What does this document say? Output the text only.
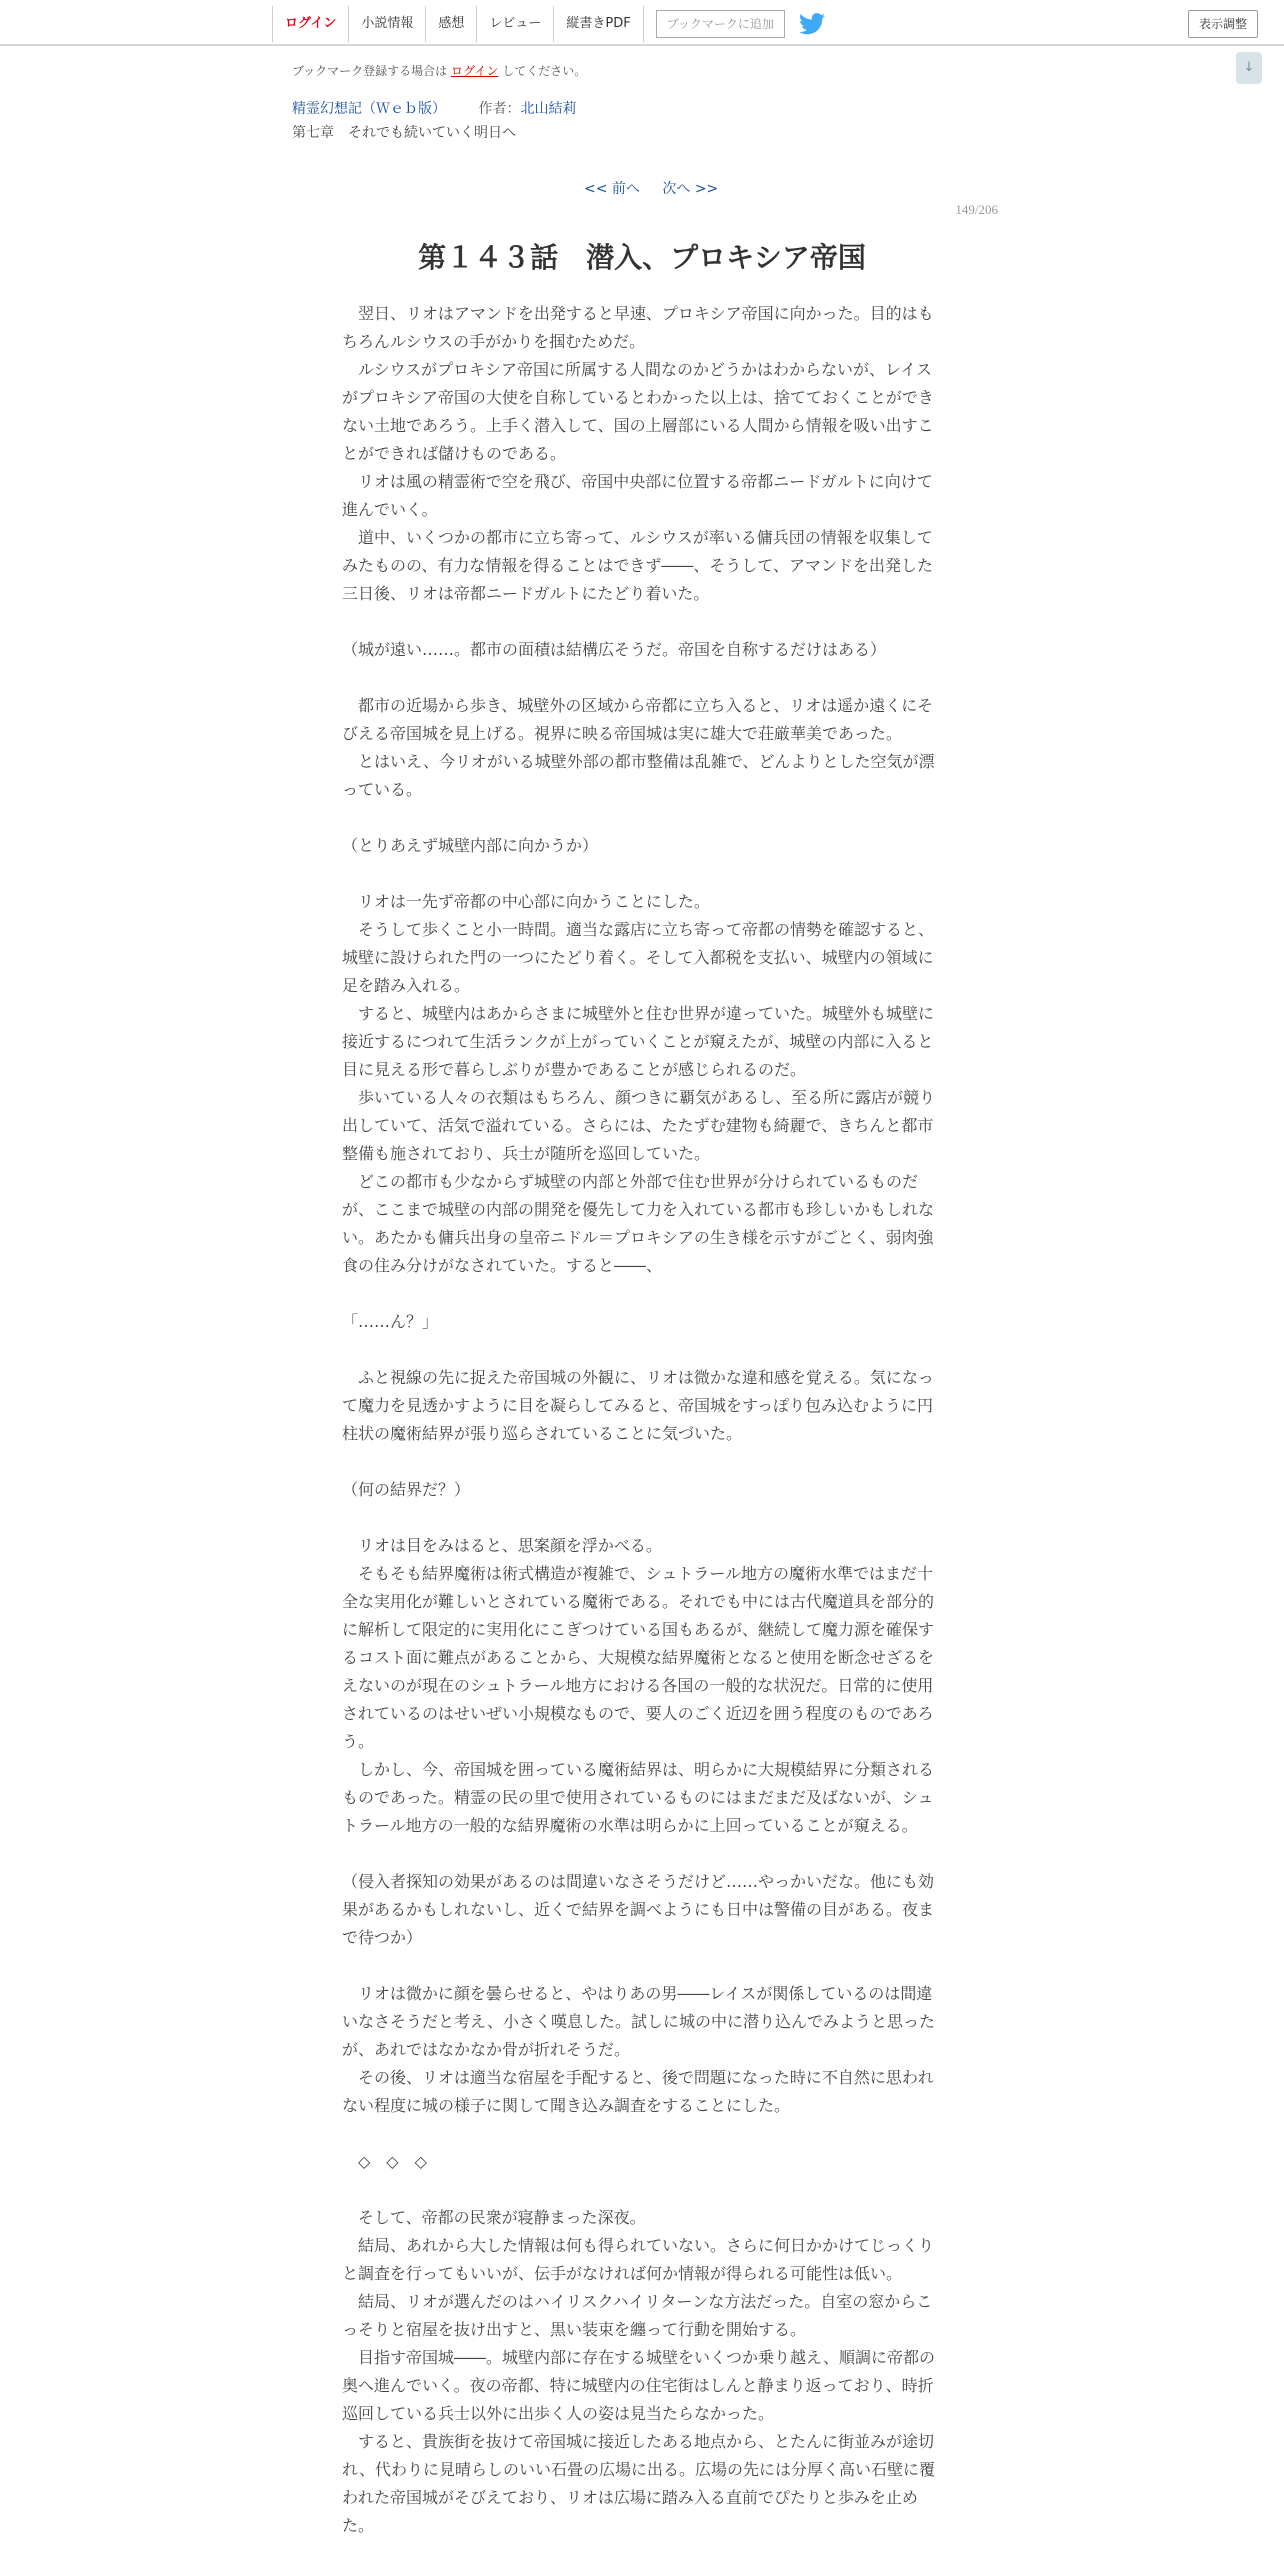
ログイン	小説情報	感想	レビュー	縦書きPDF	ブックマークに追加	表示調整
↓
ブックマーク登録する場合は ログイン してください。
精霊幻想記（Ｗｅｂ版） 作者：北山結莉
第七章　それでも続いていく明日へ
<< 前へ 次へ >>
149/206
第１４３話　潜入、プロキシア帝国

　翌日、リオはアマンドを出発すると早速、プロキシア帝国に向かった。目的はもちろんルシウスの手がかりを掴むためだ。

　ルシウスがプロキシア帝国に所属する人間なのかどうかはわからないが、レイスがプロキシア帝国の大使を自称しているとわかった以上は、捨てておくことができない土地であろう。上手く潜入して、国の上層部にいる人間から情報を吸い出すことができれば儲けものである。

　リオは風の精霊術で空を飛び、帝国中央部に位置する帝都ニードガルトに向けて進んでいく。

　道中、いくつかの都市に立ち寄って、ルシウスが率いる傭兵団の情報を収集してみたものの、有力な情報を得ることはできず――、そうして、アマンドを出発した三日後、リオは帝都ニードガルトにたどり着いた。

（城が遠い……。都市の面積は結構広そうだ。帝国を自称するだけはある）

　都市の近場から歩き、城壁外の区域から帝都に立ち入ると、リオは遥か遠くにそびえる帝国城を見上げる。視界に映る帝国城は実に雄大で荘厳華美であった。

　とはいえ、今リオがいる城壁外部の都市整備は乱雑で、どんよりとした空気が漂っている。

（とりあえず城壁内部に向かうか）

　リオは一先ず帝都の中心部に向かうことにした。

　そうして歩くこと小一時間。適当な露店に立ち寄って帝都の情勢を確認すると、城壁に設けられた門の一つにたどり着く。そして入都税を支払い、城壁内の領域に足を踏み入れる。

　すると、城壁内はあからさまに城壁外と住む世界が違っていた。城壁外も城壁に接近するにつれて生活ランクが上がっていくことが窺えたが、城壁の内部に入ると目に見える形で暮らしぶりが豊かであることが感じられるのだ。

　歩いている人々の衣類はもちろん、顔つきに覇気があるし、至る所に露店が競り出していて、活気で溢れている。さらには、たたずむ建物も綺麗で、きちんと都市整備も施されており、兵士が随所を巡回していた。

　どこの都市も少なからず城壁の内部と外部で住む世界が分けられているものだが、ここまで城壁の内部の開発を優先して力を入れている都市も珍しいかもしれない。あたかも傭兵出身の皇帝ニドル＝プロキシアの生き様を示すがごとく、弱肉強食の住み分けがなされていた。すると――、

「……ん？」

　ふと視線の先に捉えた帝国城の外観に、リオは微かな違和感を覚える。気になって魔力を見透かすように目を凝らしてみると、帝国城をすっぽり包み込むように円柱状の魔術結界が張り巡らされていることに気づいた。

（何の結界だ？）

　リオは目をみはると、思案顔を浮かべる。

　そもそも結界魔術は術式構造が複雑で、シュトラール地方の魔術水準ではまだ十全な実用化が難しいとされている魔術である。それでも中には古代魔道具を部分的に解析して限定的に実用化にこぎつけている国もあるが、継続して魔力源を確保するコスト面に難点があることから、大規模な結界魔術となると使用を断念せざるをえないのが現在のシュトラール地方における各国の一般的な状況だ。日常的に使用されているのはせいぜい小規模なもので、要人のごく近辺を囲う程度のものであろう。

　しかし、今、帝国城を囲っている魔術結界は、明らかに大規模結界に分類されるものであった。精霊の民の里で使用されているものにはまだまだ及ばないが、シュトラール地方の一般的な結界魔術の水準は明らかに上回っていることが窺える。

（侵入者探知の効果があるのは間違いなさそうだけど……やっかいだな。他にも効果があるかもしれないし、近くで結界を調べようにも日中は警備の目がある。夜まで待つか）

　リオは微かに顔を曇らせると、やはりあの男――レイスが関係しているのは間違いなさそうだと考え、小さく嘆息した。試しに城の中に潜り込んでみようと思ったが、あれではなかなか骨が折れそうだ。

　その後、リオは適当な宿屋を手配すると、後で問題になった時に不自然に思われない程度に城の様子に関して聞き込み調査をすることにした。

　◇　◇　◇

　そして、帝都の民衆が寝静まった深夜。

　結局、あれから大した情報は何も得られていない。さらに何日かかけてじっくりと調査を行ってもいいが、伝手がなければ何か情報が得られる可能性は低い。

　結局、リオが選んだのはハイリスクハイリターンな方法だった。自室の窓からこっそりと宿屋を抜け出すと、黒い装束を纏って行動を開始する。

　目指す帝国城――。城壁内部に存在する城壁をいくつか乗り越え、順調に帝都の奥へ進んでいく。夜の帝都、特に城壁内の住宅街はしんと静まり返っており、時折巡回している兵士以外に出歩く人の姿は見当たらなかった。

　すると、貴族街を抜けて帝国城に接近したある地点から、とたんに街並みが途切れ、代わりに見晴らしのいい石畳の広場に出る。広場の先には分厚く高い石壁に覆われた帝国城がそびえており、リオは広場に踏み入る直前でぴたりと歩みを止めた。
